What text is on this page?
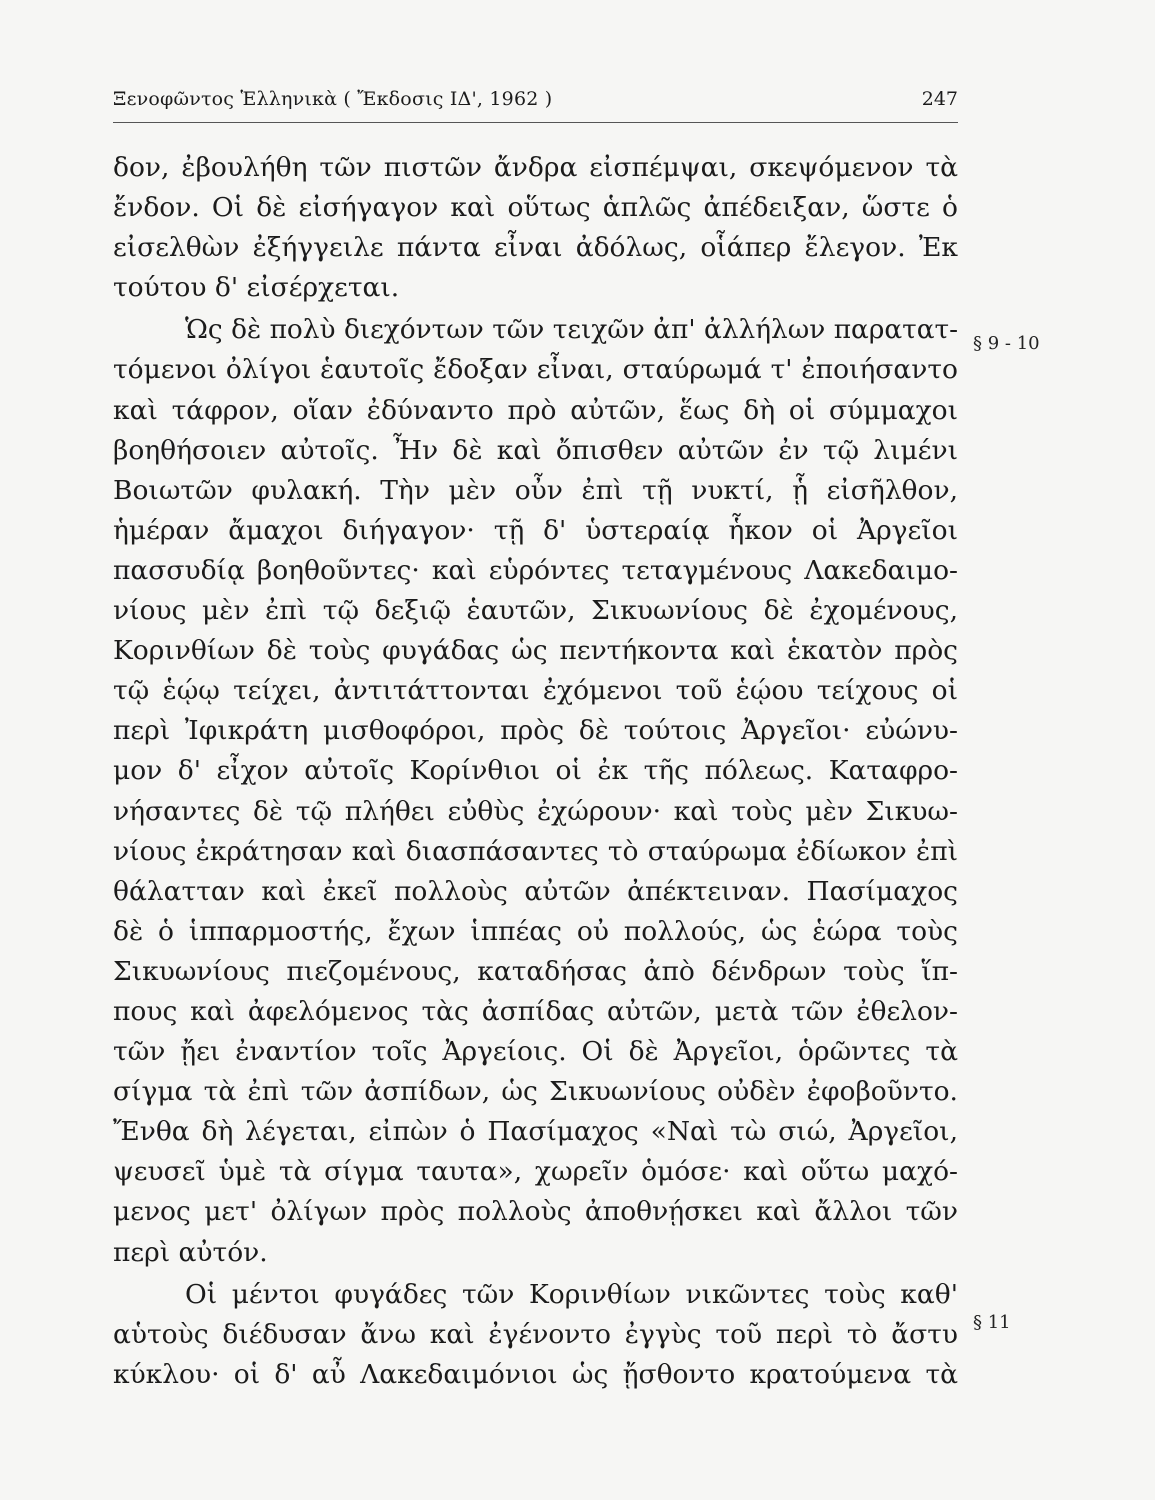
Ξενοφῶντος Ἑλληνικὰ ( Ἔκδοσις ΙΔ', 1962 )	247
δον, ἐβουλήθη τῶν πιστῶν ἄνδρα εἰσπέμψαι, σκεψόμενον τὰ
ἔνδον. Οἱ δὲ εἰσήγαγον καὶ οὕτως ἁπλῶς ἀπέδειξαν, ὥστε ὁ
εἰσελθὼν ἐξήγγειλε πάντα εἶναι ἀδόλως, οἷάπερ ἔλεγον. Ἐκ
τούτου δ' εἰσέρχεται.
Ὡς δὲ πολὺ διεχόντων τῶν τειχῶν ἀπ' ἀλλήλων παρατατ-
τόμενοι ὀλίγοι ἑαυτοῖς ἔδοξαν εἶναι, σταύρωμά τ' ἐποιήσαντο
καὶ τάφρον, οἵαν ἐδύναντο πρὸ αὐτῶν, ἕως δὴ οἱ σύμμαχοι
βοηθήσοιεν αὐτοῖς. Ἦν δὲ καὶ ὄπισθεν αὐτῶν ἐν τῷ λιμένι
Βοιωτῶν φυλακή. Τὴν μὲν οὖν ἐπὶ τῇ νυκτί, ᾗ εἰσῆλθον,
ἡμέραν ἄμαχοι διήγαγον· τῇ δ' ὑστεραίᾳ ἧκον οἱ Ἀργεῖοι
πασσυδίᾳ βοηθοῦντες· καὶ εὑρόντες τεταγμένους Λακεδαιμο-
νίους μὲν ἐπὶ τῷ δεξιῷ ἑαυτῶν, Σικυωνίους δὲ ἐχομένους,
Κορινθίων δὲ τοὺς φυγάδας ὡς πεντήκοντα καὶ ἑκατὸν πρὸς
τῷ ἑῴῳ τείχει, ἀντιτάττονται ἐχόμενοι τοῦ ἑῴου τείχους οἱ
περὶ Ἰφικράτη μισθοφόροι, πρὸς δὲ τούτοις Ἀργεῖοι· εὐώνυ-
μον δ' εἶχον αὐτοῖς Κορίνθιοι οἱ ἐκ τῆς πόλεως. Καταφρο-
νήσαντες δὲ τῷ πλήθει εὐθὺς ἐχώρουν· καὶ τοὺς μὲν Σικυω-
νίους ἐκράτησαν καὶ διασπάσαντες τὸ σταύρωμα ἐδίωκον ἐπὶ
θάλατταν καὶ ἐκεῖ πολλοὺς αὐτῶν ἀπέκτειναν. Πασίμαχος
δὲ ὁ ἱππαρμοστής, ἔχων ἱππέας οὐ πολλούς, ὡς ἑώρα τοὺς
Σικυωνίους πιεζομένους, καταδήσας ἀπὸ δένδρων τοὺς ἵπ-
πους καὶ ἀφελόμενος τὰς ἀσπίδας αὐτῶν, μετὰ τῶν ἐθελον-
τῶν ᾔει ἐναντίον τοῖς Ἀργείοις. Οἱ δὲ Ἀργεῖοι, ὁρῶντες τὰ
σίγμα τὰ ἐπὶ τῶν ἀσπίδων, ὡς Σικυωνίους οὐδὲν ἐφοβοῦντο.
Ἔνθα δὴ λέγεται, εἰπὼν ὁ Πασίμαχος «Ναὶ τὼ σιώ, Ἀργεῖοι,
ψευσεῖ ὑμὲ τὰ σίγμα ταυτα», χωρεῖν ὁμόσε· καὶ οὕτω μαχό-
μενος μετ' ὀλίγων πρὸς πολλοὺς ἀποθνῄσκει καὶ ἄλλοι τῶν
περὶ αὐτόν.
Οἱ μέντοι φυγάδες τῶν Κορινθίων νικῶντες τοὺς καθ'
αὑτοὺς διέδυσαν ἄνω καὶ ἐγένοντο ἐγγὺς τοῦ περὶ τὸ ἄστυ
κύκλου· οἱ δ' αὖ Λακεδαιμόνιοι ὡς ᾔσθοντο κρατούμενα τὰ
§ 9 - 10
§ 11
